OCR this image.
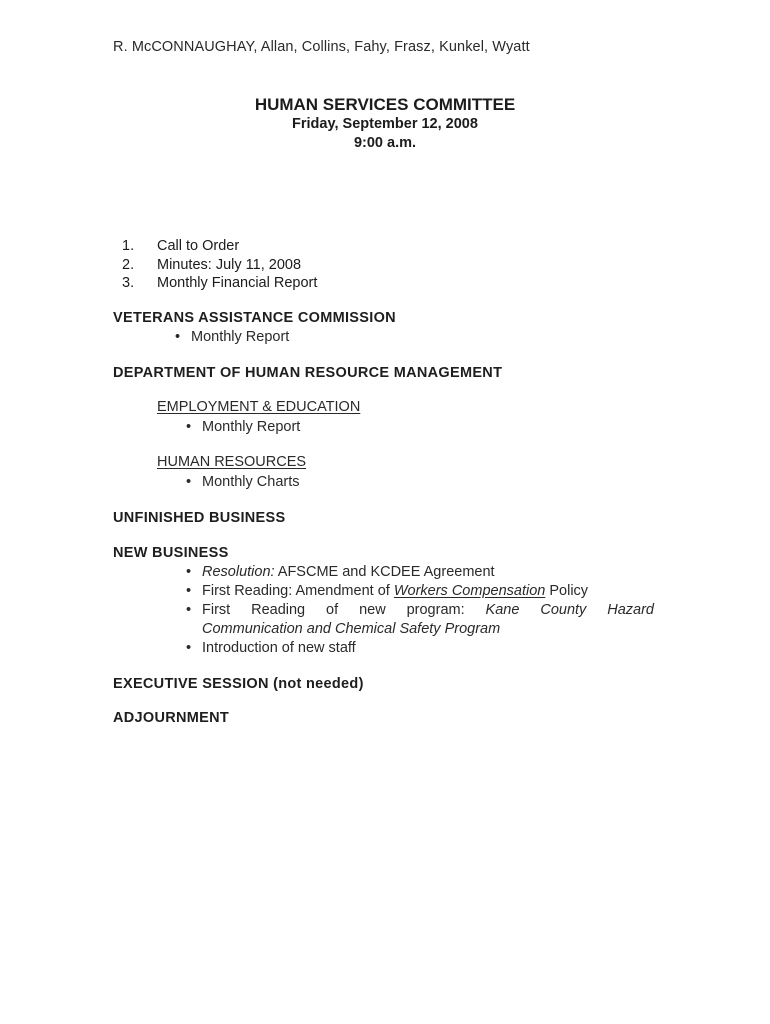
R. McCONNAUGHAY, Allan, Collins, Fahy, Frasz, Kunkel, Wyatt
HUMAN SERVICES COMMITTEE
Friday, September 12, 2008
9:00 a.m.
1.	Call to Order
2.	Minutes: July 11, 2008
3.	Monthly Financial Report
VETERANS ASSISTANCE COMMISSION
• Monthly Report
DEPARTMENT OF HUMAN RESOURCE MANAGEMENT
EMPLOYMENT & EDUCATION
• Monthly Report
HUMAN RESOURCES
• Monthly Charts
UNFINISHED BUSINESS
NEW BUSINESS
• Resolution: AFSCME and KCDEE Agreement
• First Reading: Amendment of Workers Compensation Policy
• First Reading of new program: Kane County Hazard
Communication and Chemical Safety Program
• Introduction of new staff
EXECUTIVE SESSION (not needed)
ADJOURNMENT
